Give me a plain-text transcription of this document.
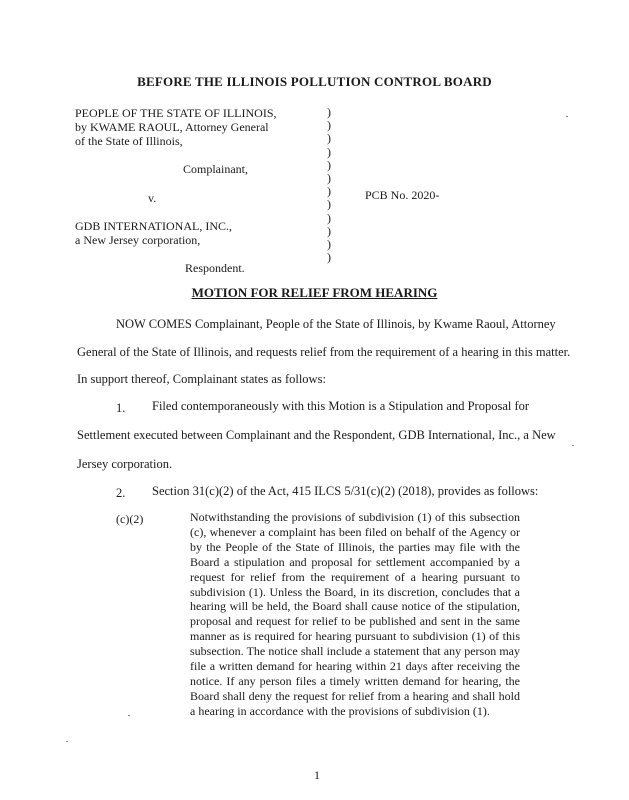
BEFORE THE ILLINOIS POLLUTION CONTROL BOARD
PEOPLE OF THE STATE OF ILLINOIS,
by KWAME RAOUL, Attorney General
of the State of Illinois,
Complainant,
v.	PCB No. 2020-
GDB INTERNATIONAL, INC.,
a New Jersey corporation,
Respondent.
)
)
)
)
)
)
)
)
)
)
)
)
MOTION FOR RELIEF FROM HEARING
NOW COMES Complainant, People of the State of Illinois, by Kwame Raoul, Attorney
General of the State of Illinois, and requests relief from the requirement of a hearing in this matter.
In support thereof, Complainant states as follows:
1. Filed contemporaneously with this Motion is a Stipulation and Proposal for
Settlement executed between Complainant and the Respondent, GDB International, Inc., a New
Jersey corporation.
2. Section 31(c)(2) of the Act, 415 ILCS 5/31(c)(2) (2018), provides as follows:
(c)(2)	Notwithstanding the provisions of subdivision (1) of this subsection (c), whenever a complaint has been filed on behalf of the Agency or by the People of the State of Illinois, the parties may file with the Board a stipulation and proposal for settlement accompanied by a request for relief from the requirement of a hearing pursuant to subdivision (1). Unless the Board, in its discretion, concludes that a hearing will be held, the Board shall cause notice of the stipulation, proposal and request for relief to be published and sent in the same manner as is required for hearing pursuant to subdivision (1) of this subsection. The notice shall include a statement that any person may file a written demand for hearing within 21 days after receiving the notice. If any person files a timely written demand for hearing, the Board shall deny the request for relief from a hearing and shall hold a hearing in accordance with the provisions of subdivision (1).
1
